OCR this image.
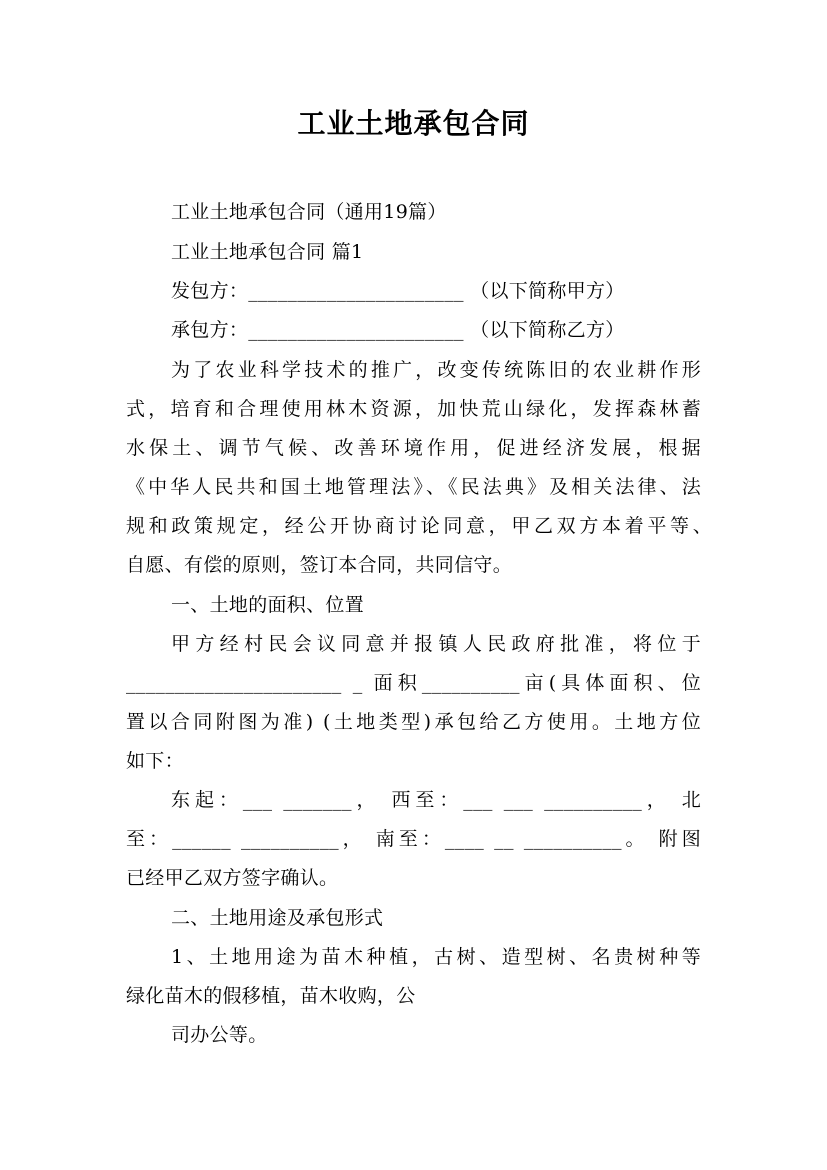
工业土地承包合同
工业土地承包合同（通用19篇）
工业土地承包合同 篇1
发包方：______________________ （以下简称甲方）
承包方：______________________ （以下简称乙方）
为了农业科学技术的推广，改变传统陈旧的农业耕作形
式，培育和合理使用林木资源，加快荒山绿化，发挥森林蓄
水保土、调节气候、改善环境作用，促进经济发展，根据
《中华人民共和国土地管理法》、《民法典》及相关法律、法
规和政策规定，经公开协商讨论同意，甲乙双方本着平等、
自愿、有偿的原则，签订本合同，共同信守。
一、土地的面积、位置
甲方经村民会议同意并报镇人民政府批准，将位于
______________________ _ 面积__________亩(具体面积、位
置以合同附图为准) (土地类型)承包给乙方使用。土地方位
如下：
东起：___ _______， 西至：___ ___ __________， 北
至：______ __________， 南至：____ __ __________。 附图
已经甲乙双方签字确认。
二、土地用途及承包形式
1、土地用途为苗木种植，古树、造型树、名贵树种等
绿化苗木的假移植，苗木收购，公
司办公等。
